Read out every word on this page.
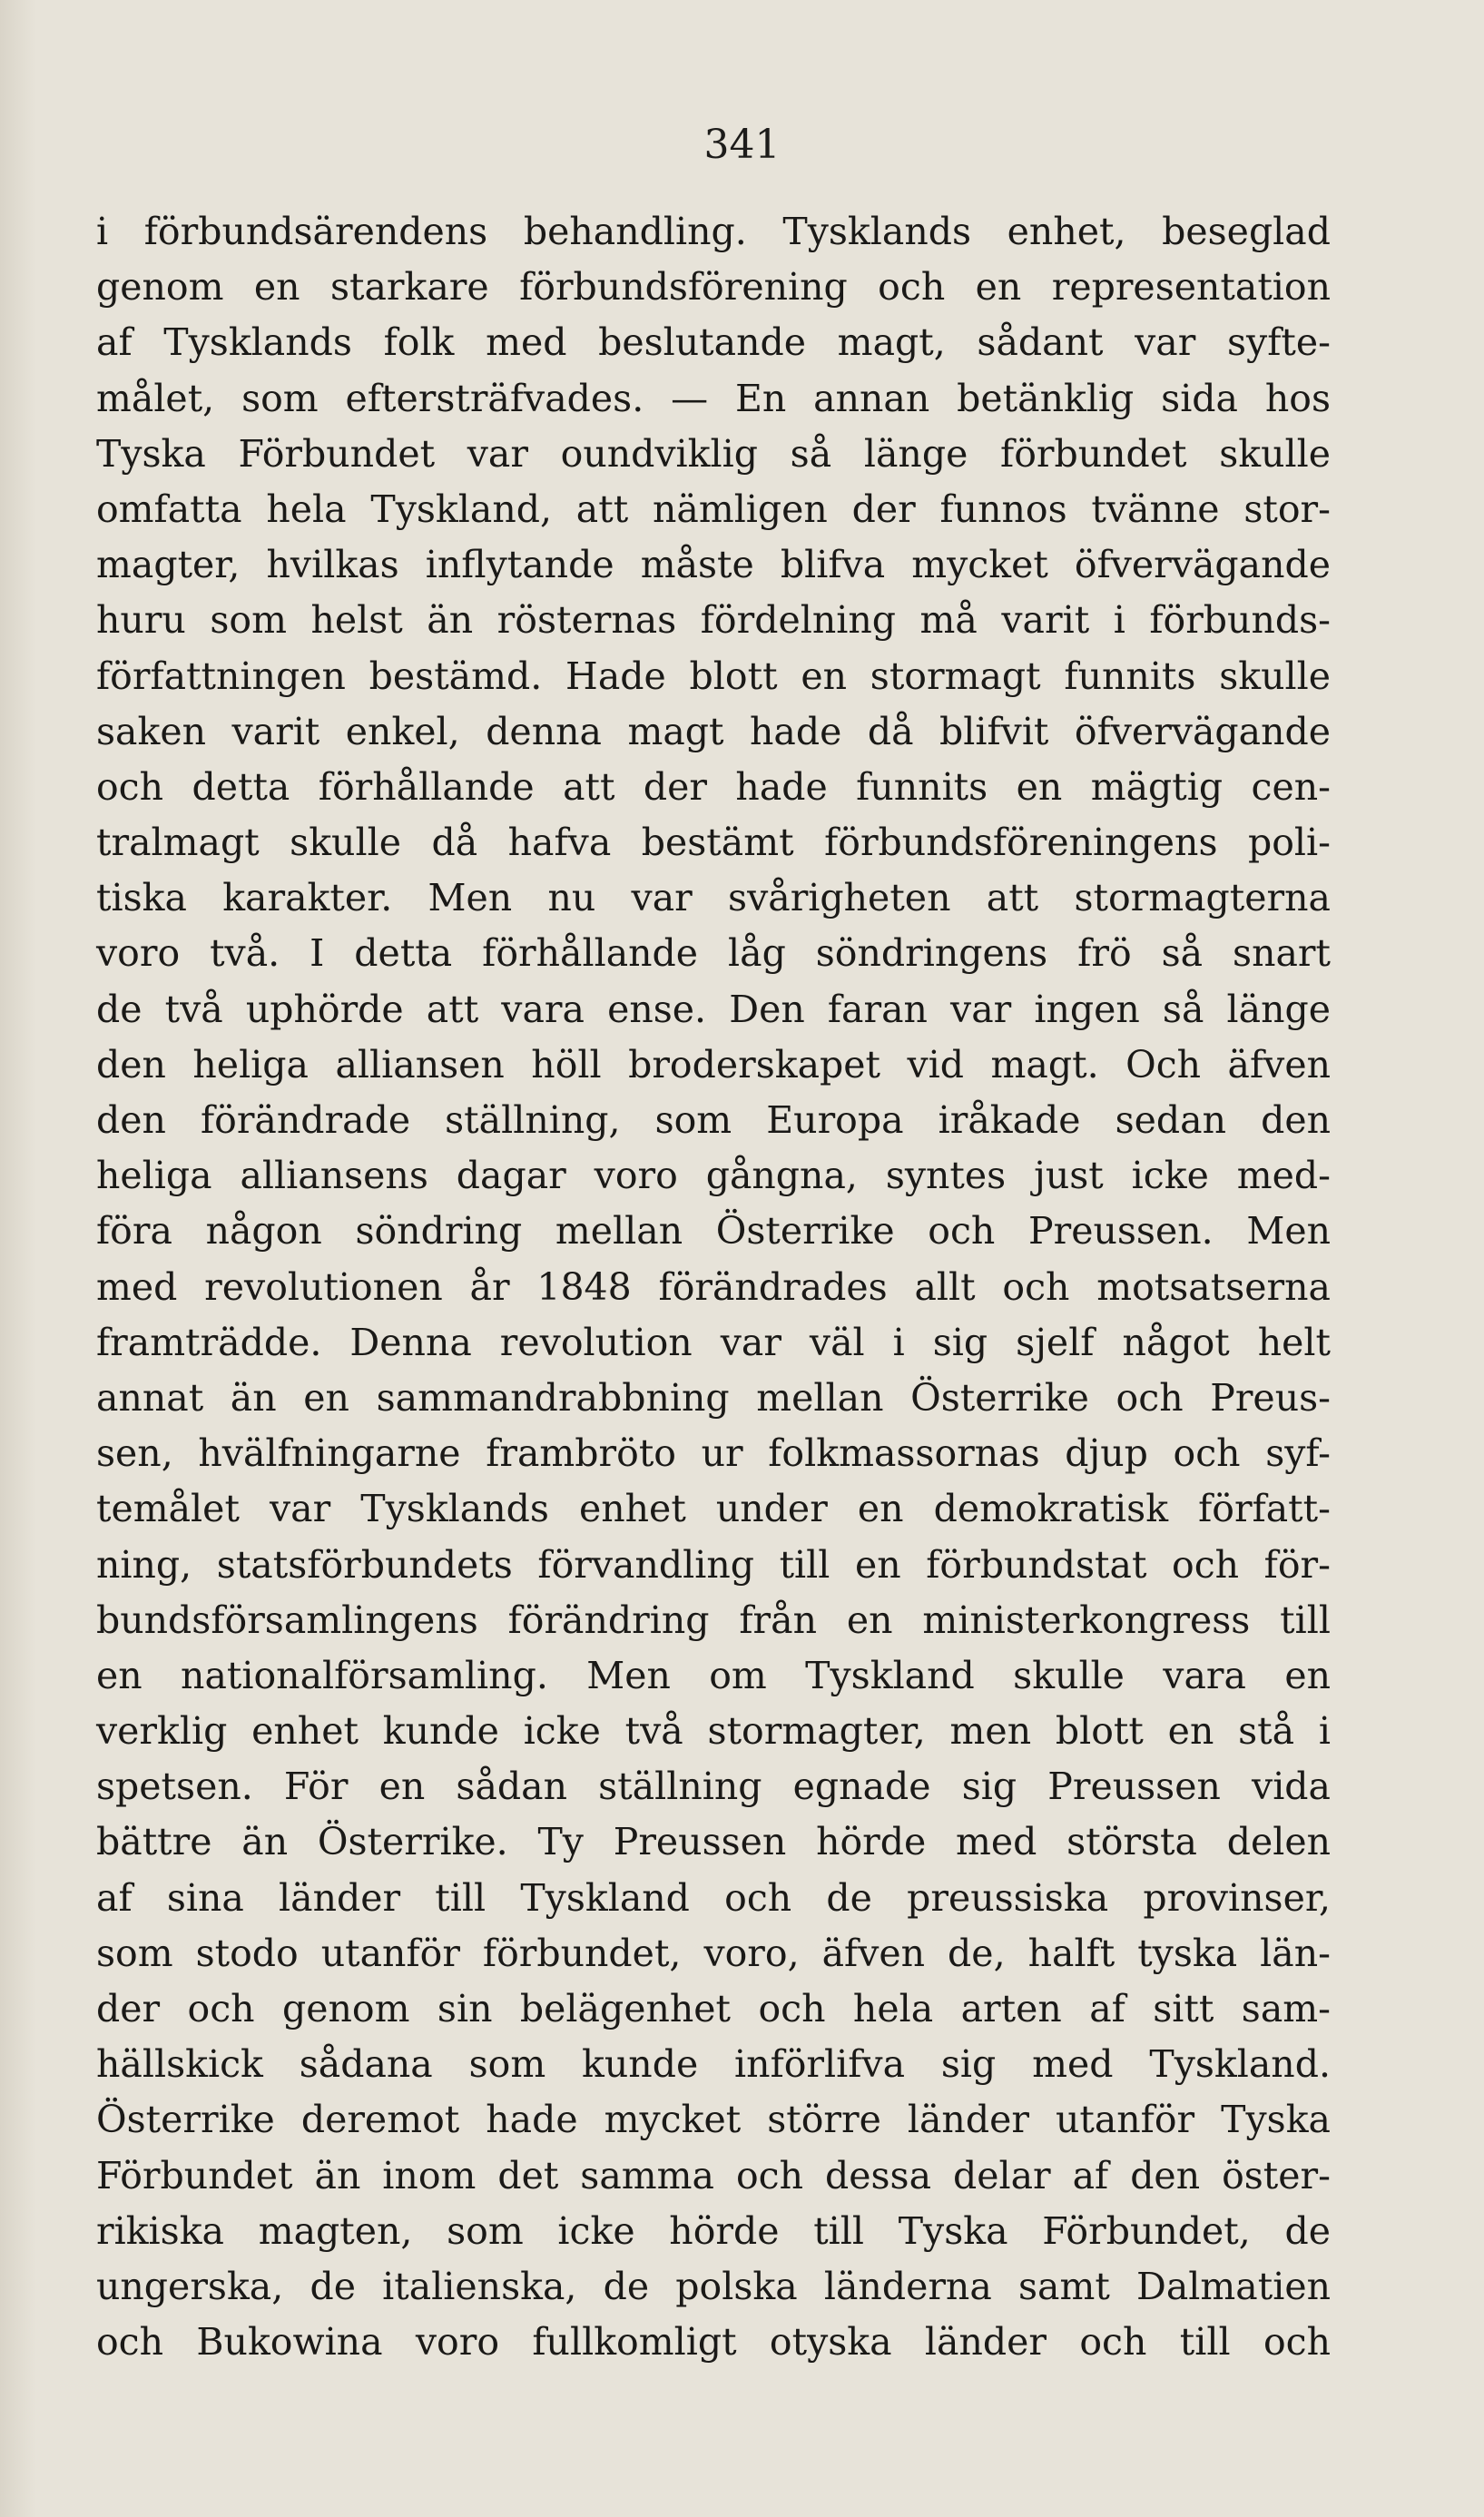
341
i förbundsärendens behandling. Tysklands enhet, beseglad
genom en starkare förbundsförening och en representation
af Tysklands folk med beslutande magt, sådant var syfte-
målet, som eftersträfvades. — En annan betänklig sida hos
Tyska Förbundet var oundviklig så länge förbundet skulle
omfatta hela Tyskland, att nämligen der funnos tvänne stor-
magter, hvilkas inflytande måste blifva mycket öfvervägande
huru som helst än rösternas fördelning må varit i förbunds-
författningen bestämd. Hade blott en stormagt funnits skulle
saken varit enkel, denna magt hade då blifvit öfvervägande
och detta förhållande att der hade funnits en mägtig cen-
tralmagt skulle då hafva bestämt förbundsföreningens poli-
tiska karakter. Men nu var svårigheten att stormagterna
voro två. I detta förhållande låg söndringens frö så snart
de två uphörde att vara ense. Den faran var ingen så länge
den heliga alliansen höll broderskapet vid magt. Och äfven
den förändrade ställning, som Europa iråkade sedan den
heliga alliansens dagar voro gångna, syntes just icke med-
föra någon söndring mellan Österrike och Preussen. Men
med revolutionen år 1848 förändrades allt och motsatserna
framträdde. Denna revolution var väl i sig sjelf något helt
annat än en sammandrabbning mellan Österrike och Preus-
sen, hvälfningarne frambröto ur folkmassornas djup och syf-
temålet var Tysklands enhet under en demokratisk författ-
ning, statsförbundets förvandling till en förbundstat och för-
bundsförsamlingens förändring från en ministerkongress till
en nationalförsamling. Men om Tyskland skulle vara en
verklig enhet kunde icke två stormagter, men blott en stå i
spetsen. För en sådan ställning egnade sig Preussen vida
bättre än Österrike. Ty Preussen hörde med största delen
af sina länder till Tyskland och de preussiska provinser,
som stodo utanför förbundet, voro, äfven de, halft tyska län-
der och genom sin belägenhet och hela arten af sitt sam-
hällskick sådana som kunde införlifva sig med Tyskland.
Österrike deremot hade mycket större länder utanför Tyska
Förbundet än inom det samma och dessa delar af den öster-
rikiska magten, som icke hörde till Tyska Förbundet, de
ungerska, de italienska, de polska länderna samt Dalmatien
och Bukowina voro fullkomligt otyska länder och till och
